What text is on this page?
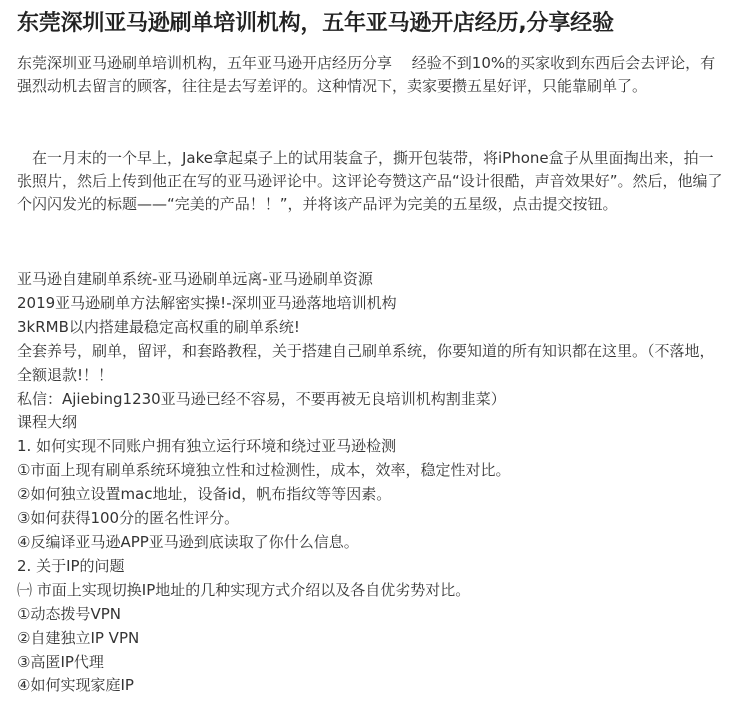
东莞深圳亚马逊刷单培训机构，五年亚马逊开店经历,分享经验
东莞深圳亚马逊刷单培训机构，五年亚马逊开店经历分享　 经验不到10%的买家收到东西后会去评论，有强烈动机去留言的顾客，往往是去写差评的。这种情况下，卖家要攒五星好评，只能靠刷单了。
　在一月末的一个早上，Jake拿起桌子上的试用装盒子，撕开包装带，将iPhone盒子从里面掏出来，拍一张照片，然后上传到他正在写的亚马逊评论中。这评论夸赞这产品“设计很酷，声音效果好”。然后，他编了个闪闪发光的标题——“完美的产品！！”，并将该产品评为完美的五星级，点击提交按钮。
亚马逊自建刷单系统-亚马逊刷单远离-亚马逊刷单资源
2019亚马逊刷单方法解密实操!-深圳亚马逊落地培训机构
3kRMB以内搭建最稳定高权重的刷单系统!
全套养号，刷单，留评，和套路教程，关于搭建自己刷单系统，你要知道的所有知识都在这里。（不落地，全额退款!！！
私信：Ajiebing1230亚马逊已经不容易，不要再被无良培训机构割韭菜）
课程大纲
1. 如何实现不同账户拥有独立运行环境和绕过亚马逊检测
①市面上现有刷单系统环境独立性和过检测性，成本，效率，稳定性对比。
②如何独立设置mac地址，设备id，帆布指纹等等因素。
③如何获得100分的匿名性评分。
④反编译亚马逊APP亚马逊到底读取了你什么信息。
2. 关于IP的问题
㈠ 市面上实现切换IP地址的几种实现方式介绍以及各自优劣势对比。
①动态拨号VPN
②自建独立IP VPN
③高匿IP代理
④如何实现家庭IP
